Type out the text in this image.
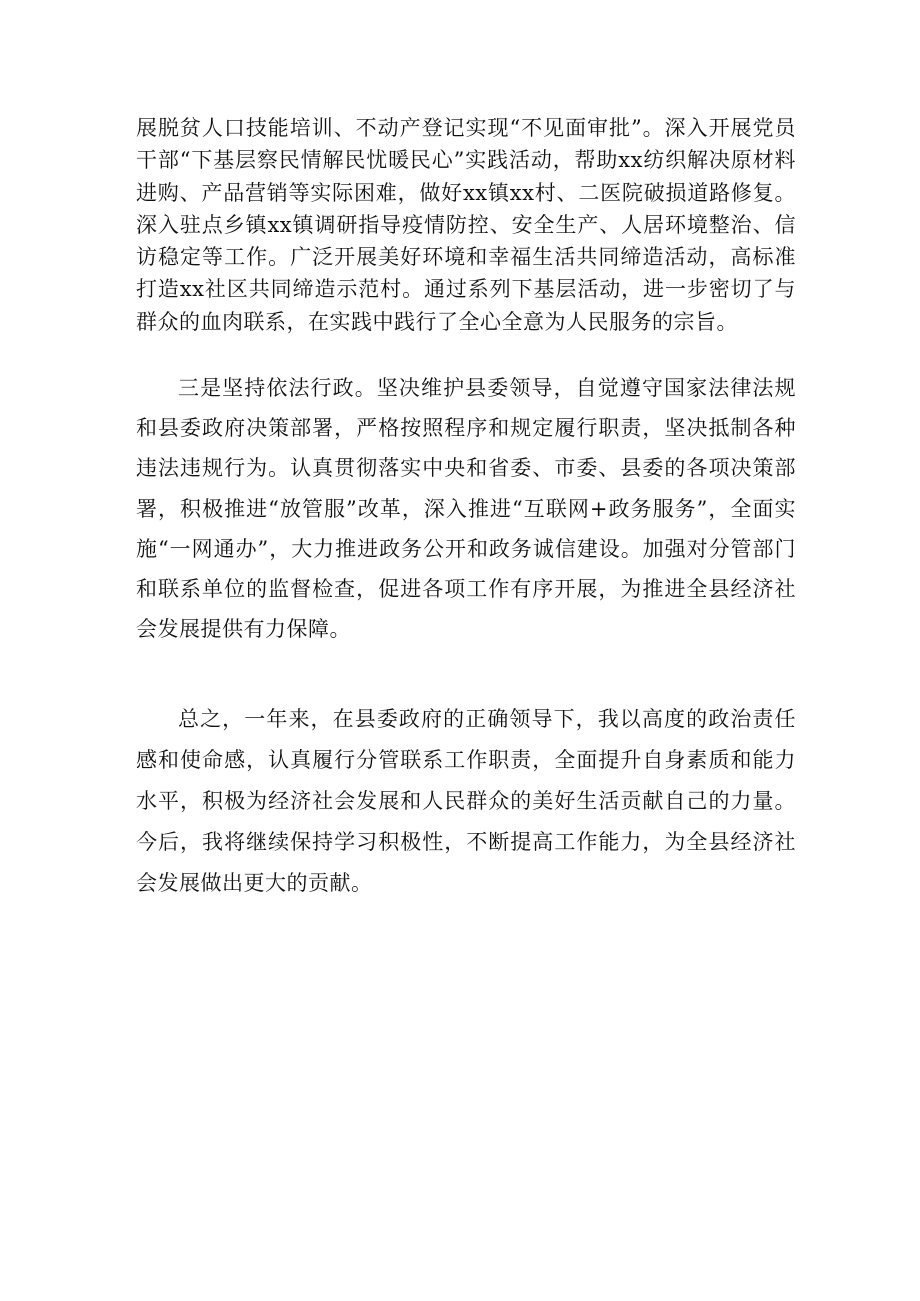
展脱贫人口技能培训、不动产登记实现“不见面审批”。深入开展党员干部“下基层察民情解民忧暖民心”实践活动，帮助xx纺织解决原材料进购、产品营销等实际困难，做好xx镇xx村、二医院破损道路修复。深入驻点乡镇xx镇调研指导疫情防控、安全生产、人居环境整治、信访稳定等工作。广泛开展美好环境和幸福生活共同缔造活动，高标准打造xx社区共同缔造示范村。通过系列下基层活动，进一步密切了与群众的血肉联系，在实践中践行了全心全意为人民服务的宗旨。

三是坚持依法行政。坚决维护县委领导，自觉遵守国家法律法规和县委政府决策部署，严格按照程序和规定履行职责，坚决抵制各种违法违规行为。认真贯彻落实中央和省委、市委、县委的各项决策部署，积极推进“放管服”改革，深入推进“互联网+政务服务”，全面实施“一网通办”，大力推进政务公开和政务诚信建设。加强对分管部门和联系单位的监督检查，促进各项工作有序开展，为推进全县经济社会发展提供有力保障。

总之，一年来，在县委政府的正确领导下，我以高度的政治责任感和使命感，认真履行分管联系工作职责，全面提升自身素质和能力水平，积极为经济社会发展和人民群众的美好生活贡献自己的力量。今后，我将继续保持学习积极性，不断提高工作能力，为全县经济社会发展做出更大的贡献。
